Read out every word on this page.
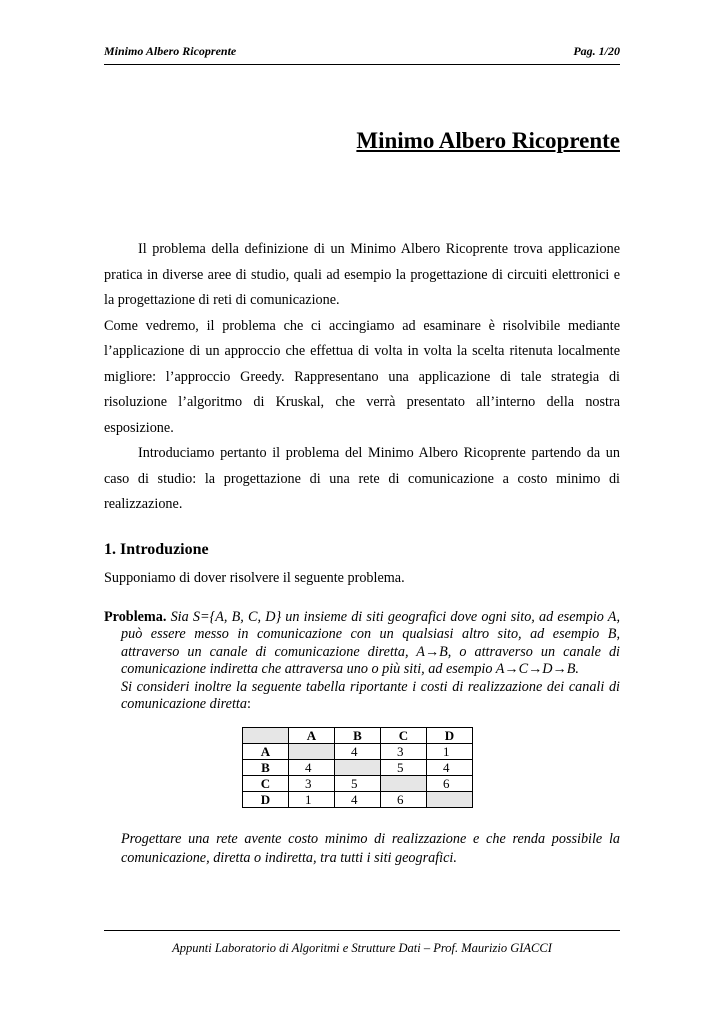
Minimo Albero Ricoprente	Pag. 1/20
Minimo Albero Ricoprente

Il problema della definizione di un Minimo Albero Ricoprente trova applicazione pratica in diverse aree di studio, quali ad esempio la progettazione di circuiti elettronici e la progettazione di reti di comunicazione.

Come vedremo, il problema che ci accingiamo ad esaminare è risolvibile mediante l’applicazione di un approccio che effettua di volta in volta la scelta ritenuta localmente migliore: l’approccio Greedy. Rappresentano una applicazione di tale strategia di risoluzione l’algoritmo di Kruskal, che verrà presentato all’interno della nostra esposizione.

Introduciamo pertanto il problema del Minimo Albero Ricoprente partendo da un caso di studio: la progettazione di una rete di comunicazione a costo minimo di realizzazione.

1. Introduzione
Supponiamo di dover risolvere il seguente problema.
Problema. Sia S={A, B, C, D} un insieme di siti geografici dove ogni sito, ad esempio A, può essere messo in comunicazione con un qualsiasi altro sito, ad esempio B, attraverso un canale di comunicazione diretta, A→B, o attraverso un canale di comunicazione indiretta che attraversa uno o più siti, ad esempio A→C→D→B.
Si consideri inoltre la seguente tabella riportante i costi di realizzazione dei canali di comunicazione diretta:
	A	B	C	D
A		4	3	1
B	4		5	4
C	3	5		6
D	1	4	6	
Progettare una rete avente costo minimo di realizzazione e che renda possibile la comunicazione, diretta o indiretta, tra tutti i siti geografici.
Appunti Laboratorio di Algoritmi e Strutture Dati – Prof. Maurizio GIACCI
